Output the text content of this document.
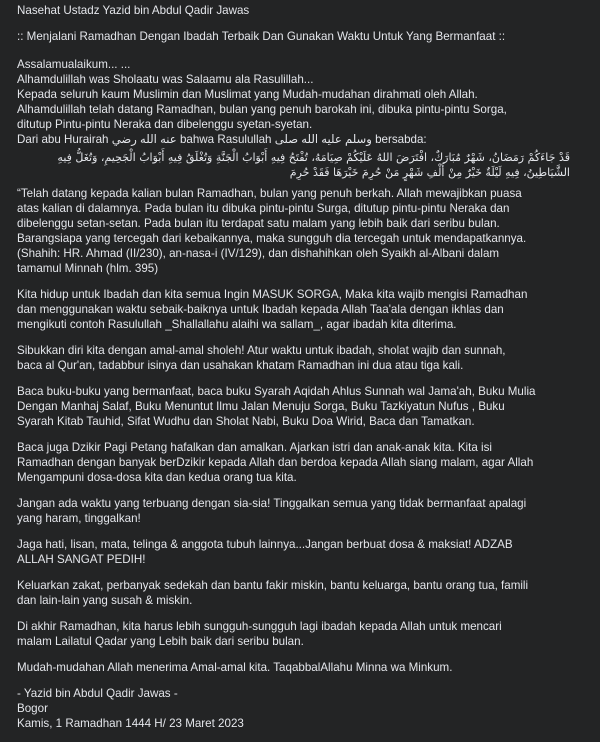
Nasehat Ustadz Yazid bin Abdul Qadir Jawas
:: Menjalani Ramadhan Dengan Ibadah Terbaik Dan Gunakan Waktu Untuk Yang Bermanfaat ::
Assalamualaikum... ...
Alhamdulillah was Sholaatu was Salaamu ala Rasulillah...
Kepada seluruh kaum Muslimin dan Muslimat yang Mudah-mudahan dirahmati oleh Allah.
Alhamdulillah telah datang Ramadhan, bulan yang penuh barokah ini, dibuka pintu-pintu Sorga,
ditutup Pintu-pintu Neraka dan dibelenggu syetan-syetan.
Dari abu Hurairah عنه الله رضي bahwa Rasulullah وسلم عليه الله صلى bersabda:
قَدْ جَاءَكُمْ رَمَضَانُ، شَهْرٌ مُبَارَكٌ، افْتَرَضَ اللهُ عَلَيْكُمْ صِيَامَهُ، تُفْتَحُ فِيهِ أَبْوَابُ الْجَنَّةِ وَتُغْلَقُ فِيهِ أَبْوَابُ الْجَحِيمِ، وَتُغَلُّ فِيهِ
الشَّيَاطِينُ، فِيهِ لَيْلَةٌ خَيْرٌ مِنْ أَلْفِ شَهْرٍ مَنْ حُرِمَ خَيْرَهَا فَقَدْ حُرِمَ
“Telah datang kepada kalian bulan Ramadhan, bulan yang penuh berkah. Allah mewajibkan puasa
atas kalian di dalamnya. Pada bulan itu dibuka pintu-pintu Surga, ditutup pintu-pintu Neraka dan
dibelenggu setan-setan. Pada bulan itu terdapat satu malam yang lebih baik dari seribu bulan.
Barangsiapa yang tercegah dari kebaikannya, maka sungguh dia tercegah untuk mendapatkannya.
(Shahih: HR. Ahmad (II/230), an-nasa-i (IV/129), dan dishahihkan oleh Syaikh al-Albani dalam
tamamul Minnah (hlm. 395)
Kita hidup untuk Ibadah dan kita semua Ingin MASUK SORGA, Maka kita wajib mengisi Ramadhan
dan menggunakan waktu sebaik-baiknya untuk Ibadah kepada Allah Taa'ala dengan ikhlas dan
mengikuti contoh Rasulullah _Shallallahu alaihi wa sallam_, agar ibadah kita diterima.
Sibukkan diri kita dengan amal-amal sholeh! Atur waktu untuk ibadah, sholat wajib dan sunnah,
baca al Qur'an, tadabbur isinya dan usahakan khatam Ramadhan ini dua atau tiga kali.
Baca buku-buku yang bermanfaat, baca buku Syarah Aqidah Ahlus Sunnah wal Jama'ah, Buku Mulia
Dengan Manhaj Salaf, Buku Menuntut Ilmu Jalan Menuju Sorga, Buku Tazkiyatun Nufus , Buku
Syarah Kitab Tauhid, Sifat Wudhu dan Sholat Nabi, Buku Doa Wirid, Baca dan Tamatkan.
Baca juga Dzikir Pagi Petang hafalkan dan amalkan. Ajarkan istri dan anak-anak kita. Kita isi
Ramadhan dengan banyak berDzikir kepada Allah dan berdoa kepada Allah siang malam, agar Allah
Mengampuni dosa-dosa kita dan kedua orang tua kita.
Jangan ada waktu yang terbuang dengan sia-sia! Tinggalkan semua yang tidak bermanfaat apalagi
yang haram, tinggalkan!
Jaga hati, lisan, mata, telinga & anggota tubuh lainnya...Jangan berbuat dosa & maksiat! ADZAB
ALLAH SANGAT PEDIH!
Keluarkan zakat, perbanyak sedekah dan bantu fakir miskin, bantu keluarga, bantu orang tua, famili
dan lain-lain yang susah & miskin.
Di akhir Ramadhan, kita harus lebih sungguh-sungguh lagi ibadah kepada Allah untuk mencari
malam Lailatul Qadar yang Lebih baik dari seribu bulan.
Mudah-mudahan Allah menerima Amal-amal kita. TaqabbalAllahu Minna wa Minkum.
- Yazid bin Abdul Qadir Jawas -
Bogor
Kamis, 1 Ramadhan 1444 H/ 23 Maret 2023
